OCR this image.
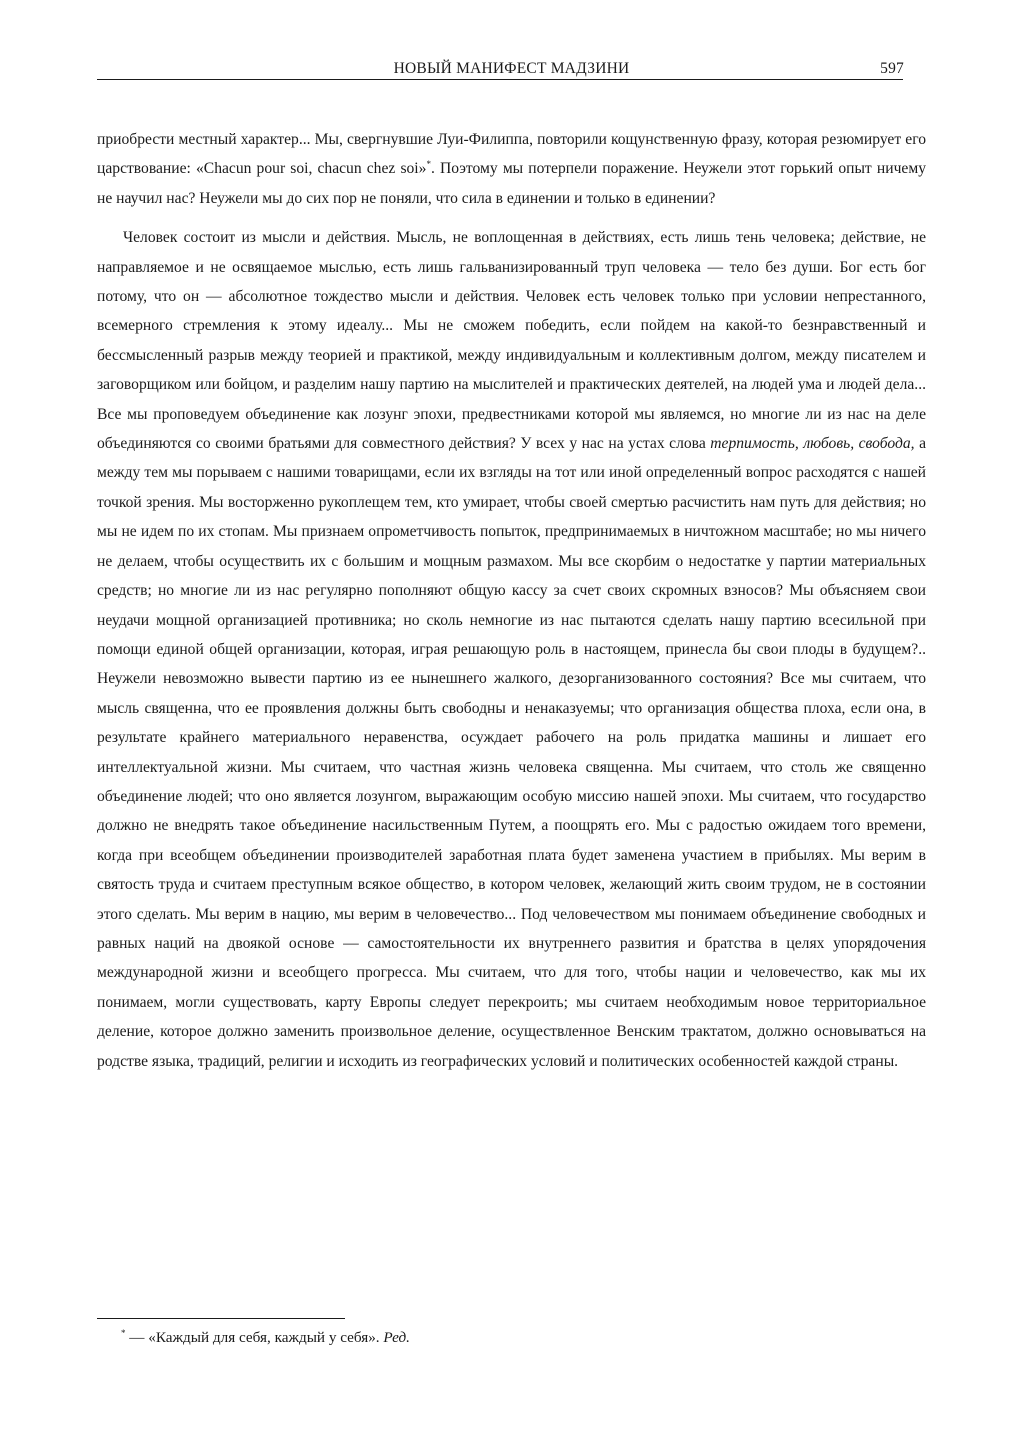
НОВЫЙ МАНИФЕСТ МАДЗИНИ	597

приобрести местный характер... Мы, свергнувшие Луи-Филиппа, повторили кощунственную фразу, которая резюмирует его царствование: «Chacun pour soi, chacun chez soi»*. Поэтому мы потерпели поражение. Неужели этот горький опыт ничему не научил нас? Неужели мы до сих пор не поняли, что сила в единении и только в единении?

Человек состоит из мысли и действия. Мысль, не воплощенная в действиях, есть лишь тень человека; действие, не направляемое и не освящаемое мыслью, есть лишь гальванизированный труп человека — тело без души. Бог есть бог потому, что он — абсолютное тождество мысли и действия. Человек есть человек только при условии непрестанного, всемерного стремления к этому идеалу... Мы не сможем победить, если пойдем на какой-то безнравственный и бессмысленный разрыв между теорией и практикой, между индивидуальным и коллективным долгом, между писателем и заговорщиком или бойцом, и разделим нашу партию на мыслителей и практических деятелей, на людей ума и людей дела... Все мы проповедуем объединение как лозунг эпохи, предвестниками которой мы являемся, но многие ли из нас на деле объединяются со своими братьями для совместного действия? У всех у нас на устах слова терпимость, любовь, свобода, а между тем мы порываем с нашими товарищами, если их взгляды на тот или иной определенный вопрос расходятся с нашей точкой зрения. Мы восторженно рукоплещем тем, кто умирает, чтобы своей смертью расчистить нам путь для действия; но мы не идем по их стопам. Мы признаем опрометчивость попыток, предпринимаемых в ничтожном масштабе; но мы ничего не делаем, чтобы осуществить их с большим и мощным размахом. Мы все скорбим о недостатке у партии материальных средств; но многие ли из нас регулярно пополняют общую кассу за счет своих скромных взносов? Мы объясняем свои неудачи мощной организацией противника; но сколь немногие из нас пытаются сделать нашу партию всесильной при помощи единой общей организации, которая, играя решающую роль в настоящем, принесла бы свои плоды в будущем?.. Неужели невозможно вывести партию из ее нынешнего жалкого, дезорганизованного состояния? Все мы считаем, что мысль священна, что ее проявления должны быть свободны и ненаказуемы; что организация общества плоха, если она, в результате крайнего материального неравенства, осуждает рабочего на роль придатка машины и лишает его интеллектуальной жизни. Мы считаем, что частная жизнь человека священна. Мы считаем, что столь же священно объединение людей; что оно является лозунгом, выражающим особую миссию нашей эпохи. Мы считаем, что государство должно не внедрять такое объединение насильственным Путем, а поощрять его. Мы с радостью ожидаем того времени, когда при всеобщем объединении производителей заработная плата будет заменена участием в прибылях. Мы верим в святость труда и считаем преступным всякое общество, в котором человек, желающий жить своим трудом, не в состоянии этого сделать. Мы верим в нацию, мы верим в человечество... Под человечеством мы понимаем объединение свободных и равных наций на двоякой основе — самостоятельности их внутреннего развития и братства в целях упорядочения международной жизни и всеобщего прогресса. Мы считаем, что для того, чтобы нации и человечество, как мы их понимаем, могли существовать, карту Европы следует перекроить; мы считаем необходимым новое территориальное деление, которое должно заменить произвольное деление, осуществленное Венским трактатом, должно основываться на родстве языка, традиций, религии и исходить из географических условий и политических особенностей каждой страны.

* — «Каждый для себя, каждый у себя». Ред.
